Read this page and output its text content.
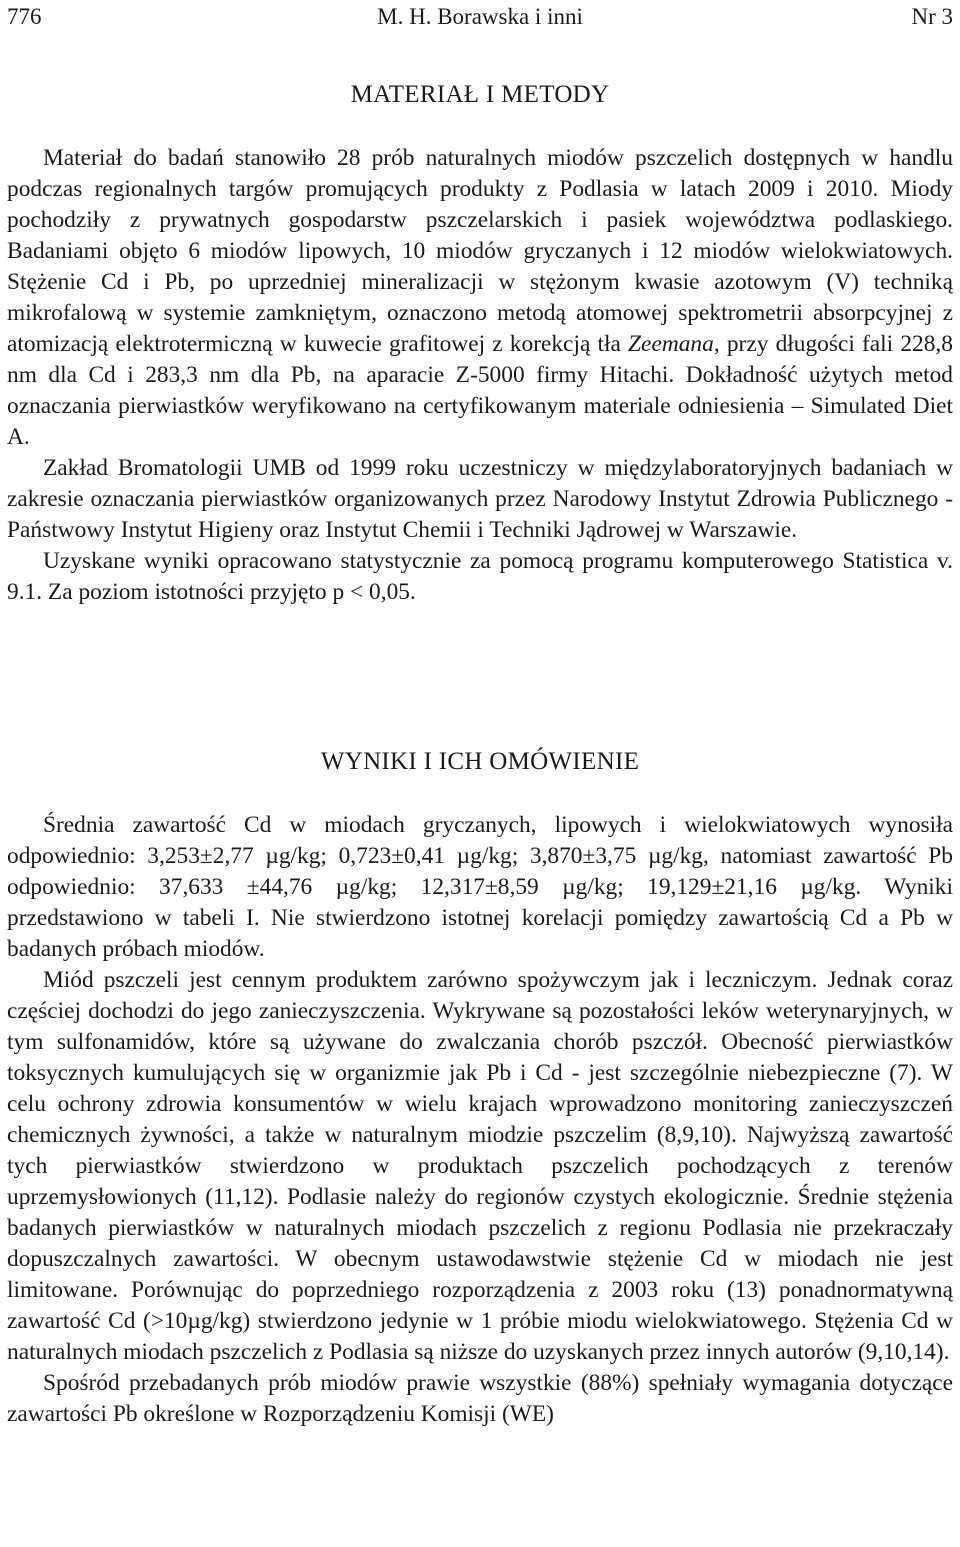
776	M. H. Borawska i inni	Nr 3
MATERIAŁ I METODY

Materiał do badań stanowiło 28 prób naturalnych miodów pszczelich dostępnych w handlu podczas regionalnych targów promujących produkty z Podlasia w latach 2009 i 2010. Miody pochodziły z prywatnych gospodarstw pszczelarskich i pasiek województwa podlaskiego. Badaniami objęto 6 miodów lipowych, 10 miodów gryczanych i 12 miodów wielokwiatowych. Stężenie Cd i Pb, po uprzedniej mineralizacji w stężonym kwasie azotowym (V) techniką mikrofalową w systemie zamkniętym, oznaczono metodą atomowej spektrometrii absorpcyjnej z atomizacją elektrotermiczną w kuwecie grafitowej z korekcją tła Zeemana, przy długości fali 228,8 nm dla Cd i 283,3 nm dla Pb, na aparacie Z-5000 firmy Hitachi. Dokładność użytych metod oznaczania pierwiastków weryfikowano na certyfikowanym materiale odniesienia – Simulated Diet A.

Zakład Bromatologii UMB od 1999 roku uczestniczy w międzylaboratoryjnych badaniach w zakresie oznaczania pierwiastków organizowanych przez Narodowy Instytut Zdrowia Publicznego - Państwowy Instytut Higieny oraz Instytut Chemii i Techniki Jądrowej w Warszawie.

Uzyskane wyniki opracowano statystycznie za pomocą programu komputerowego Statistica v. 9.1. Za poziom istotności przyjęto p < 0,05.

WYNIKI I ICH OMÓWIENIE

Średnia zawartość Cd w miodach gryczanych, lipowych i wielokwiatowych wynosiła odpowiednio: 3,253±2,77 µg/kg; 0,723±0,41 µg/kg; 3,870±3,75 µg/kg, natomiast zawartość Pb odpowiednio: 37,633 ±44,76 µg/kg; 12,317±8,59 µg/kg; 19,129±21,16 µg/kg. Wyniki przedstawiono w tabeli I. Nie stwierdzono istotnej korelacji pomiędzy zawartością Cd a Pb w badanych próbach miodów.

Miód pszczeli jest cennym produktem zarówno spożywczym jak i leczniczym. Jednak coraz częściej dochodzi do jego zanieczyszczenia. Wykrywane są pozostałości leków weterynaryjnych, w tym sulfonamidów, które są używane do zwalczania chorób pszczół. Obecność pierwiastków toksycznych kumulujących się w organizmie jak Pb i Cd - jest szczególnie niebezpieczne (7). W celu ochrony zdrowia konsumentów w wielu krajach wprowadzono monitoring zanieczyszczeń chemicznych żywności, a także w naturalnym miodzie pszczelim (8,9,10). Najwyższą zawartość tych pierwiastków stwierdzono w produktach pszczelich pochodzących z terenów uprzemysłowionych (11,12). Podlasie należy do regionów czystych ekologicznie. Średnie stężenia badanych pierwiastków w naturalnych miodach pszczelich z regionu Podlasia nie przekraczały dopuszczalnych zawartości. W obecnym ustawodawstwie stężenie Cd w miodach nie jest limitowane. Porównując do poprzedniego rozporządzenia z 2003 roku (13) ponadnormatywną zawartość Cd (>10µg/kg) stwierdzono jedynie w 1 próbie miodu wielokwiatowego. Stężenia Cd w naturalnych miodach pszczelich z Podlasia są niższe do uzyskanych przez innych autorów (9,10,14).

Spośród przebadanych prób miodów prawie wszystkie (88%) spełniały wymagania dotyczące zawartości Pb określone w Rozporządzeniu Komisji (WE)
